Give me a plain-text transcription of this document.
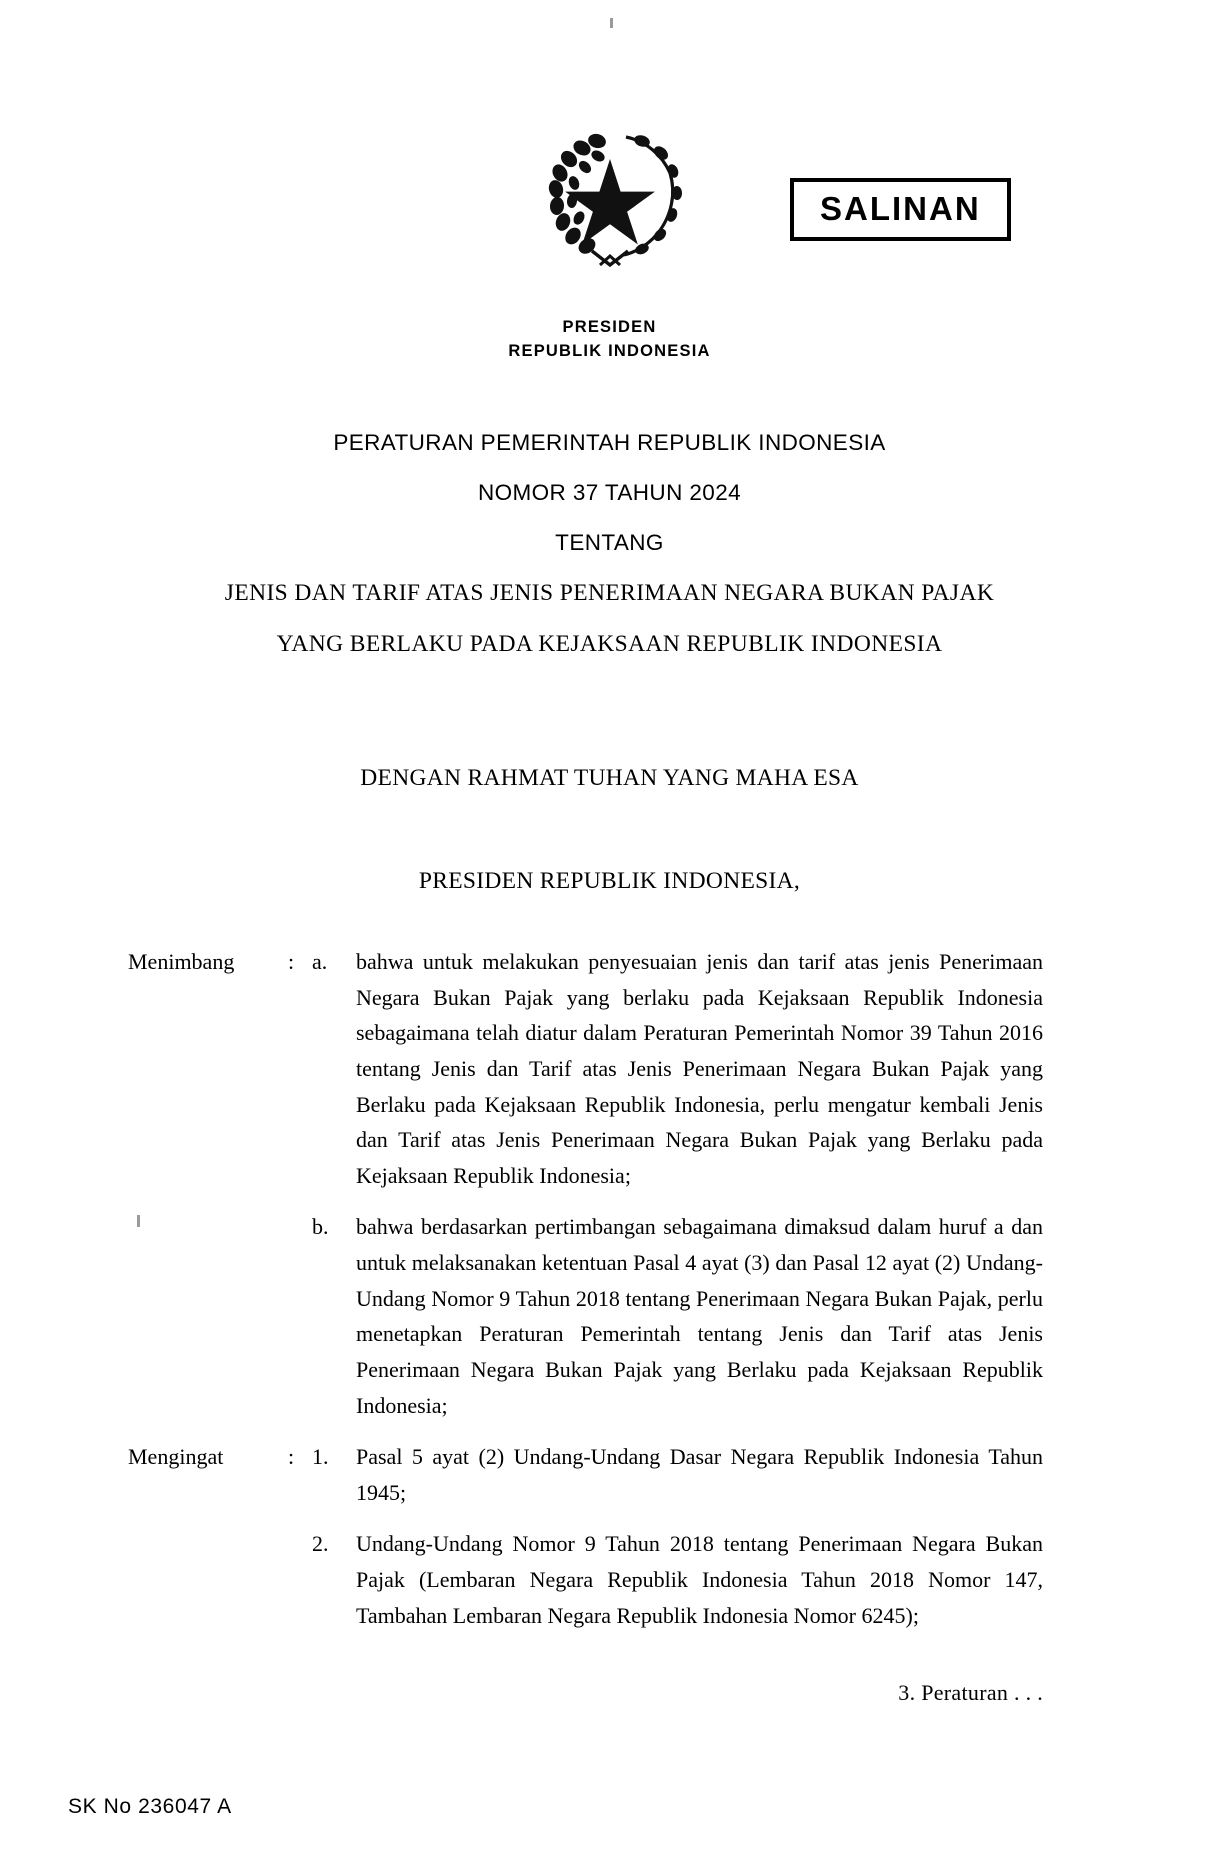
SALINAN
PRESIDEN
REPUBLIK INDONESIA
PERATURAN PEMERINTAH REPUBLIK INDONESIA
NOMOR 37 TAHUN 2024
TENTANG
JENIS DAN TARIF ATAS JENIS PENERIMAAN NEGARA BUKAN PAJAK
YANG BERLAKU PADA KEJAKSAAN REPUBLIK INDONESIA
DENGAN RAHMAT TUHAN YANG MAHA ESA
PRESIDEN REPUBLIK INDONESIA,
Menimbang	: a.	bahwa untuk melakukan penyesuaian jenis dan tarif atas jenis Penerimaan Negara Bukan Pajak yang berlaku pada Kejaksaan Republik Indonesia sebagaimana telah diatur dalam Peraturan Pemerintah Nomor 39 Tahun 2016 tentang Jenis dan Tarif atas Jenis Penerimaan Negara Bukan Pajak yang Berlaku pada Kejaksaan Republik Indonesia, perlu mengatur kembali Jenis dan Tarif atas Jenis Penerimaan Negara Bukan Pajak yang Berlaku pada Kejaksaan Republik Indonesia;
b.	bahwa berdasarkan pertimbangan sebagaimana dimaksud dalam huruf a dan untuk melaksanakan ketentuan Pasal 4 ayat (3) dan Pasal 12 ayat (2) Undang-Undang Nomor 9 Tahun 2018 tentang Penerimaan Negara Bukan Pajak, perlu menetapkan Peraturan Pemerintah tentang Jenis dan Tarif atas Jenis Penerimaan Negara Bukan Pajak yang Berlaku pada Kejaksaan Republik Indonesia;
Mengingat	: 1.	Pasal 5 ayat (2) Undang-Undang Dasar Negara Republik Indonesia Tahun 1945;
2.	Undang-Undang Nomor 9 Tahun 2018 tentang Penerimaan Negara Bukan Pajak (Lembaran Negara Republik Indonesia Tahun 2018 Nomor 147, Tambahan Lembaran Negara Republik Indonesia Nomor 6245);
3. Peraturan . . .
SK No 236047 A
